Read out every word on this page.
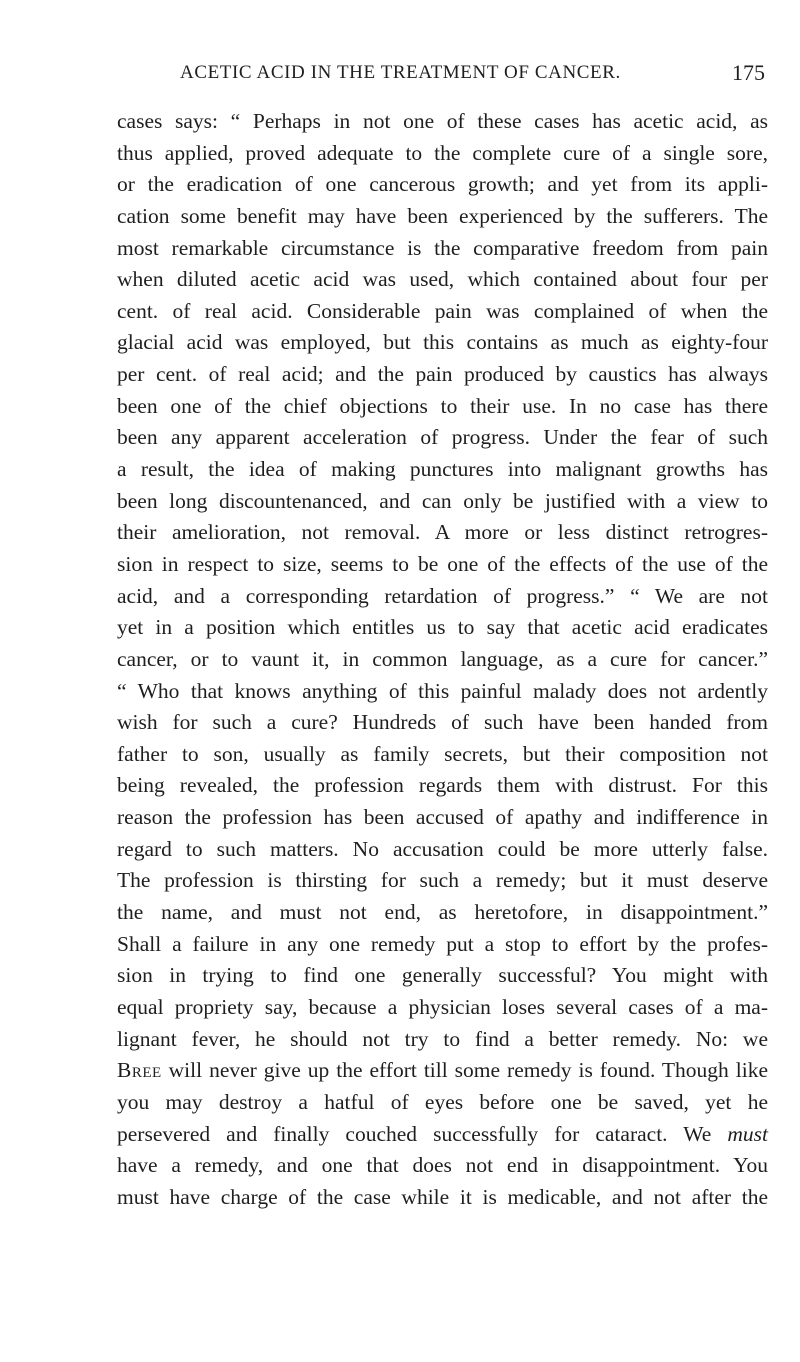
ACETIC ACID IN THE TREATMENT OF CANCER.	175
cases says: “ Perhaps in not one of these cases has acetic acid, as
thus applied, proved adequate to the complete cure of a single sore,
or the eradication of one cancerous growth; and yet from its appli-
cation some benefit may have been experienced by the sufferers. The
most remarkable circumstance is the comparative freedom from pain
when diluted acetic acid was used, which contained about four per
cent. of real acid. Considerable pain was complained of when the
glacial acid was employed, but this contains as much as eighty-four
per cent. of real acid; and the pain produced by caustics has always
been one of the chief objections to their use. In no case has there
been any apparent acceleration of progress. Under the fear of such
a result, the idea of making punctures into malignant growths has
been long discountenanced, and can only be justified with a view to
their amelioration, not removal. A more or less distinct retrogres-
sion in respect to size, seems to be one of the effects of the use of the
acid, and a corresponding retardation of progress.” “ We are not
yet in a position which entitles us to say that acetic acid eradicates
cancer, or to vaunt it, in common language, as a cure for cancer.”
“ Who that knows anything of this painful malady does not ardently
wish for such a cure? Hundreds of such have been handed from
father to son, usually as family secrets, but their composition not
being revealed, the profession regards them with distrust. For this
reason the profession has been accused of apathy and indifference in
regard to such matters. No accusation could be more utterly false.
The profession is thirsting for such a remedy; but it must deserve
the name, and must not end, as heretofore, in disappointment.”
Shall a failure in any one remedy put a stop to effort by the profes-
sion in trying to find one generally successful? You might with
equal propriety say, because a physician loses several cases of a ma-
lignant fever, he should not try to find a better remedy. No: we
Bree will never give up the effort till some remedy is found. Though like
you may destroy a hatful of eyes before one be saved, yet he
persevered and finally couched successfully for cataract. We must
have a remedy, and one that does not end in disappointment. You
must have charge of the case while it is medicable, and not after the
